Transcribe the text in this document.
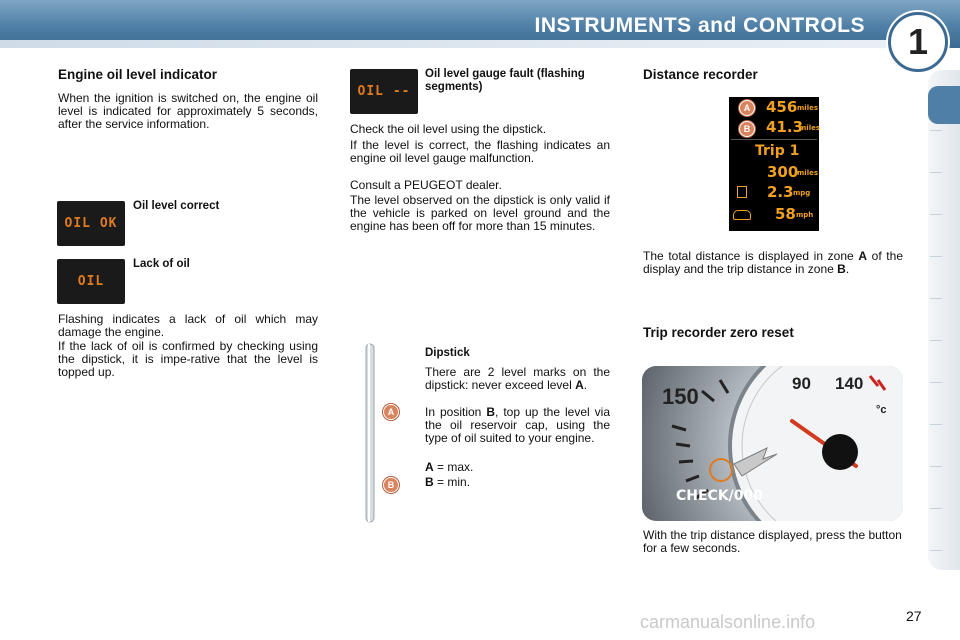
INSTRUMENTS and CONTROLS	1
Engine oil level indicator
When the ignition is switched on, the engine oil level is indicated for approximately 5 seconds, after the service information.
OIL OK
Oil level correct
OIL
Lack of oil
Flashing indicates a lack of oil which may damage the engine.
If the lack of oil is confirmed by checking using the dipstick, it is impe-rative that the level is topped up.
OIL --
Oil level gauge fault (flashing segments)
Check the oil level using the dipstick.
If the level is correct, the flashing indicates an engine oil level gauge malfunction.
Consult a PEUGEOT dealer.
The level observed on the dipstick is only valid if the vehicle is parked on level ground and the engine has been off for more than 15 minutes.
A
B
Dipstick
There are 2 level marks on the dipstick: never exceed level A.
In position B, top up the level via the oil reservoir cap, using the type of oil suited to your engine.
A = max.
B = min.
Distance recorder
A
B
456 miles
41.3
miles
Trip 1
300
miles
2.3 mpg
58 mph
The total distance is displayed in zone A of the display and the trip distance in zone B.
Trip recorder zero reset
150
90 140
°c
CHECK/000
With the trip distance displayed, press the button for a few seconds.
27
carmanualsonline.info
